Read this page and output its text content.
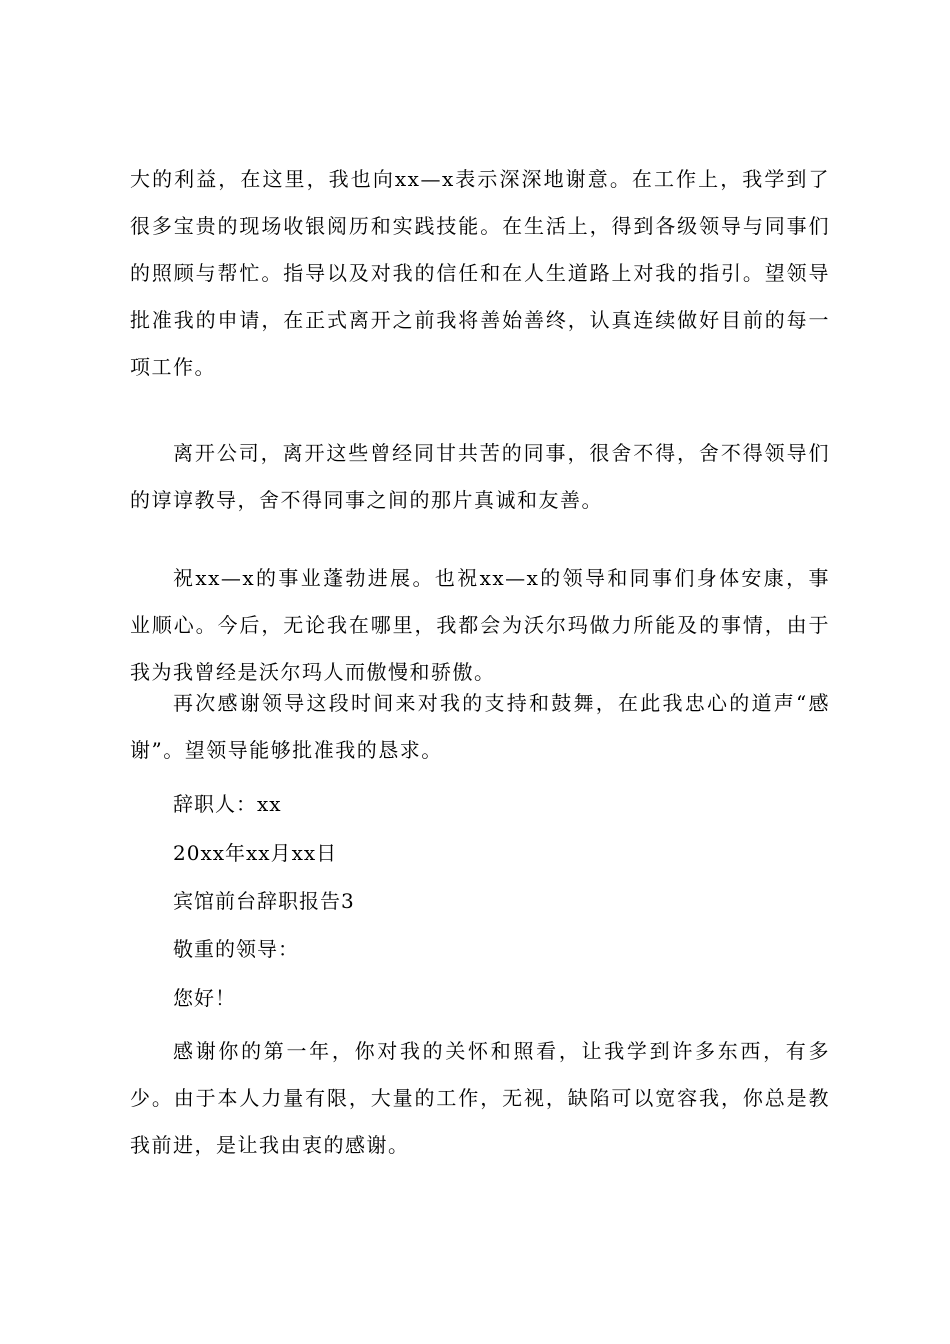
大的利益，在这里，我也向xx—x表示深深地谢意。在工作上，我学到了很多宝贵的现场收银阅历和实践技能。在生活上，得到各级领导与同事们的照顾与帮忙。指导以及对我的信任和在人生道路上对我的指引。望领导批准我的申请，在正式离开之前我将善始善终，认真连续做好目前的每一项工作。
离开公司，离开这些曾经同甘共苦的同事，很舍不得，舍不得领导们的谆谆教导，舍不得同事之间的那片真诚和友善。
祝xx—x的事业蓬勃进展。也祝xx—x的领导和同事们身体安康，事业顺心。今后，无论我在哪里，我都会为沃尔玛做力所能及的事情，由于我为我曾经是沃尔玛人而傲慢和骄傲。
再次感谢领导这段时间来对我的支持和鼓舞，在此我忠心的道声“感谢”。望领导能够批准我的恳求。
辞职人：xx
20xx年xx月xx日
宾馆前台辞职报告3
敬重的领导：
您好！
感谢你的第一年，你对我的关怀和照看，让我学到许多东西，有多少。由于本人力量有限，大量的工作，无视，缺陷可以宽容我，你总是教我前进，是让我由衷的感谢。
